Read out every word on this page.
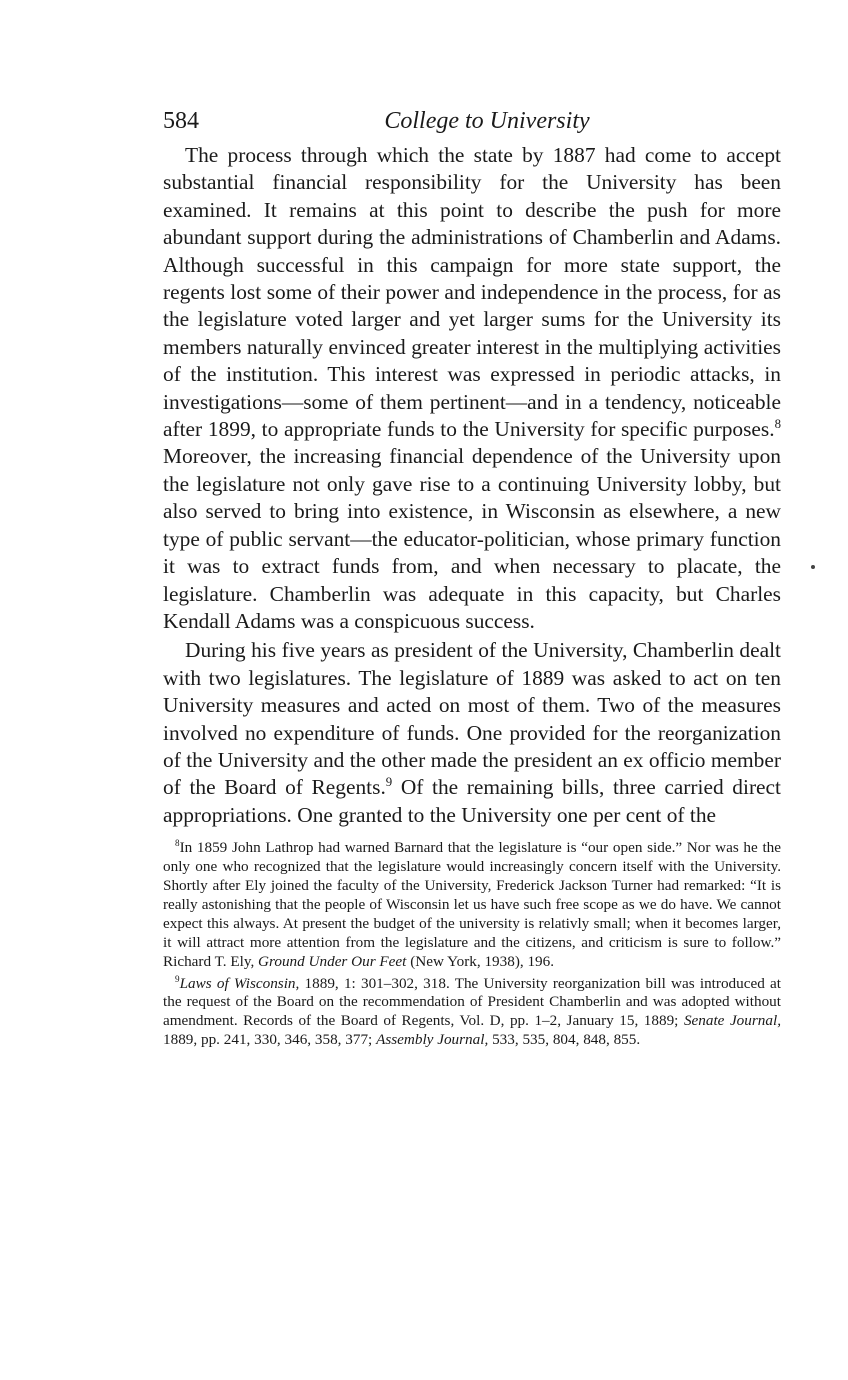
584	College to University

The process through which the state by 1887 had come to accept substantial financial responsibility for the University has been examined. It remains at this point to describe the push for more abundant support during the administrations of Chamberlin and Adams. Although successful in this campaign for more state support, the regents lost some of their power and independence in the process, for as the legislature voted larger and yet larger sums for the University its members naturally envinced greater interest in the multiplying activities of the institution. This interest was expressed in periodic attacks, in investigations—some of them pertinent—and in a tendency, noticeable after 1899, to appropriate funds to the University for specific purposes.$^8$ Moreover, the increasing financial dependence of the University upon the legislature not only gave rise to a continuing University lobby, but also served to bring into existence, in Wisconsin as elsewhere, a new type of public servant—the educator-politician, whose primary function it was to extract funds from, and when necessary to placate, the legislature. Chamberlin was adequate in this capacity, but Charles Kendall Adams was a conspicuous success.

During his five years as president of the University, Chamberlin dealt with two legislatures. The legislature of 1889 was asked to act on ten University measures and acted on most of them. Two of the measures involved no expenditure of funds. One provided for the reorganization of the University and the other made the president an ex officio member of the Board of Regents.$^9$ Of the remaining bills, three carried direct appropriations. One granted to the University one per cent of the

$^8$In 1859 John Lathrop had warned Barnard that the legislature is “our open side.” Nor was he the only one who recognized that the legislature would increasingly concern itself with the University. Shortly after Ely joined the faculty of the University, Frederick Jackson Turner had remarked: “It is really astonishing that the people of Wisconsin let us have such free scope as we do have. We cannot expect this always. At present the budget of the university is relativly small; when it becomes larger, it will attract more attention from the legislature and the citizens, and criticism is sure to follow.” Richard T. Ely, Ground Under Our Feet (New York, 1938), 196.

$^9$Laws of Wisconsin, 1889, 1: 301–302, 318. The University reorganization bill was introduced at the request of the Board on the recommendation of President Chamberlin and was adopted without amendment. Records of the Board of Regents, Vol. D, pp. 1–2, January 15, 1889; Senate Journal, 1889, pp. 241, 330, 346, 358, 377; Assembly Journal, 533, 535, 804, 848, 855.
